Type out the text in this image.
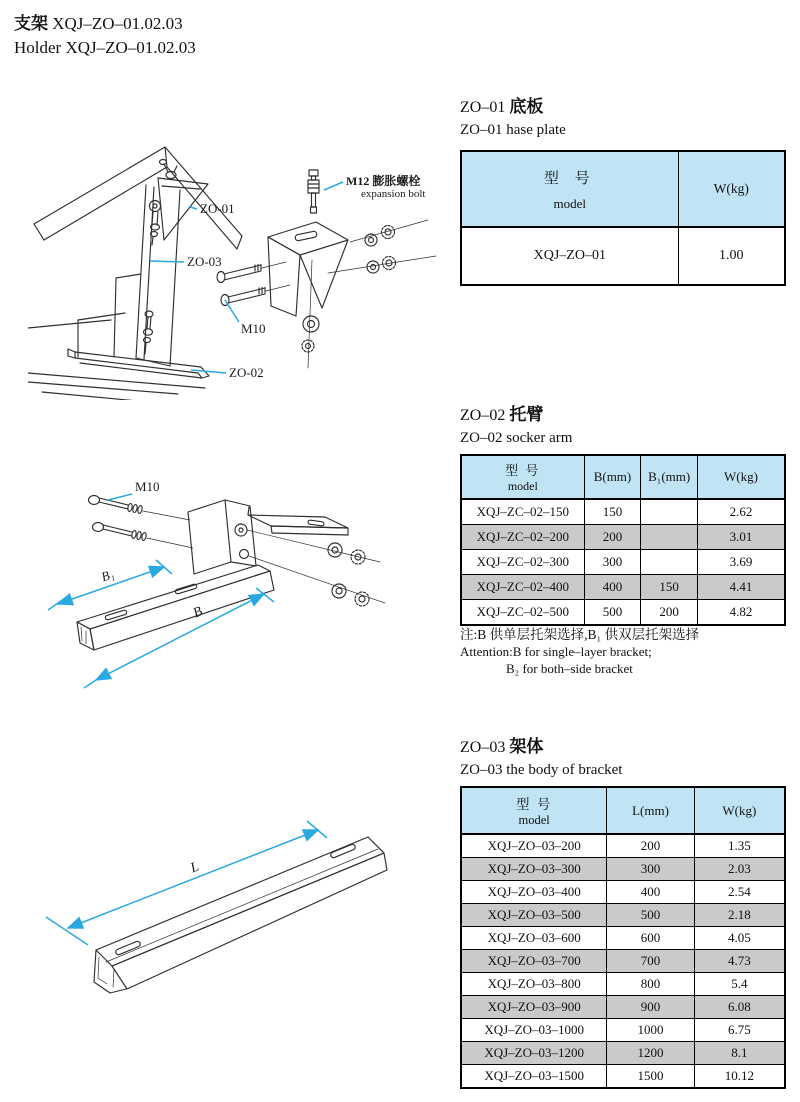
支架 XQJ–ZO–01.02.03
Holder XQJ–ZO–01.02.03
ZO-01
ZO-03
ZO-02
M12 膨胀螺栓
expansion bolt
M10
M10
B₁
B
L
ZO–01 底板
ZO–01 hase plate
型 号
model	W(kg)
XQJ–ZO–01	1.00
ZO–02 托臂
ZO–02 socker arm
型 号
model	B(mm)	B₁(mm)	W(kg)
XQJ–ZC–02–150	150		2.62
XQJ–ZC–02–200	200		3.01
XQJ–ZC–02–300	300		3.69
XQJ–ZC–02–400	400	150	4.41
XQJ–ZC–02–500	500	200	4.82
注:B 供单层托架选择,B₁ 供双层托架选择
Attention:B for single–layer bracket;
B₂ for both–side bracket
ZO–03 架体
ZO–03 the body of bracket
型 号
model	L(mm)	W(kg)
XQJ–ZO–03–200	200	1.35
XQJ–ZO–03–300	300	2.03
XQJ–ZO–03–400	400	2.54
XQJ–ZO–03–500	500	2.18
XQJ–ZO–03–600	600	4.05
XQJ–ZO–03–700	700	4.73
XQJ–ZO–03–800	800	5.4
XQJ–ZO–03–900	900	6.08
XQJ–ZO–03–1000	1000	6.75
XQJ–ZO–03–1200	1200	8.1
XQJ–ZO–03–1500	1500	10.12
